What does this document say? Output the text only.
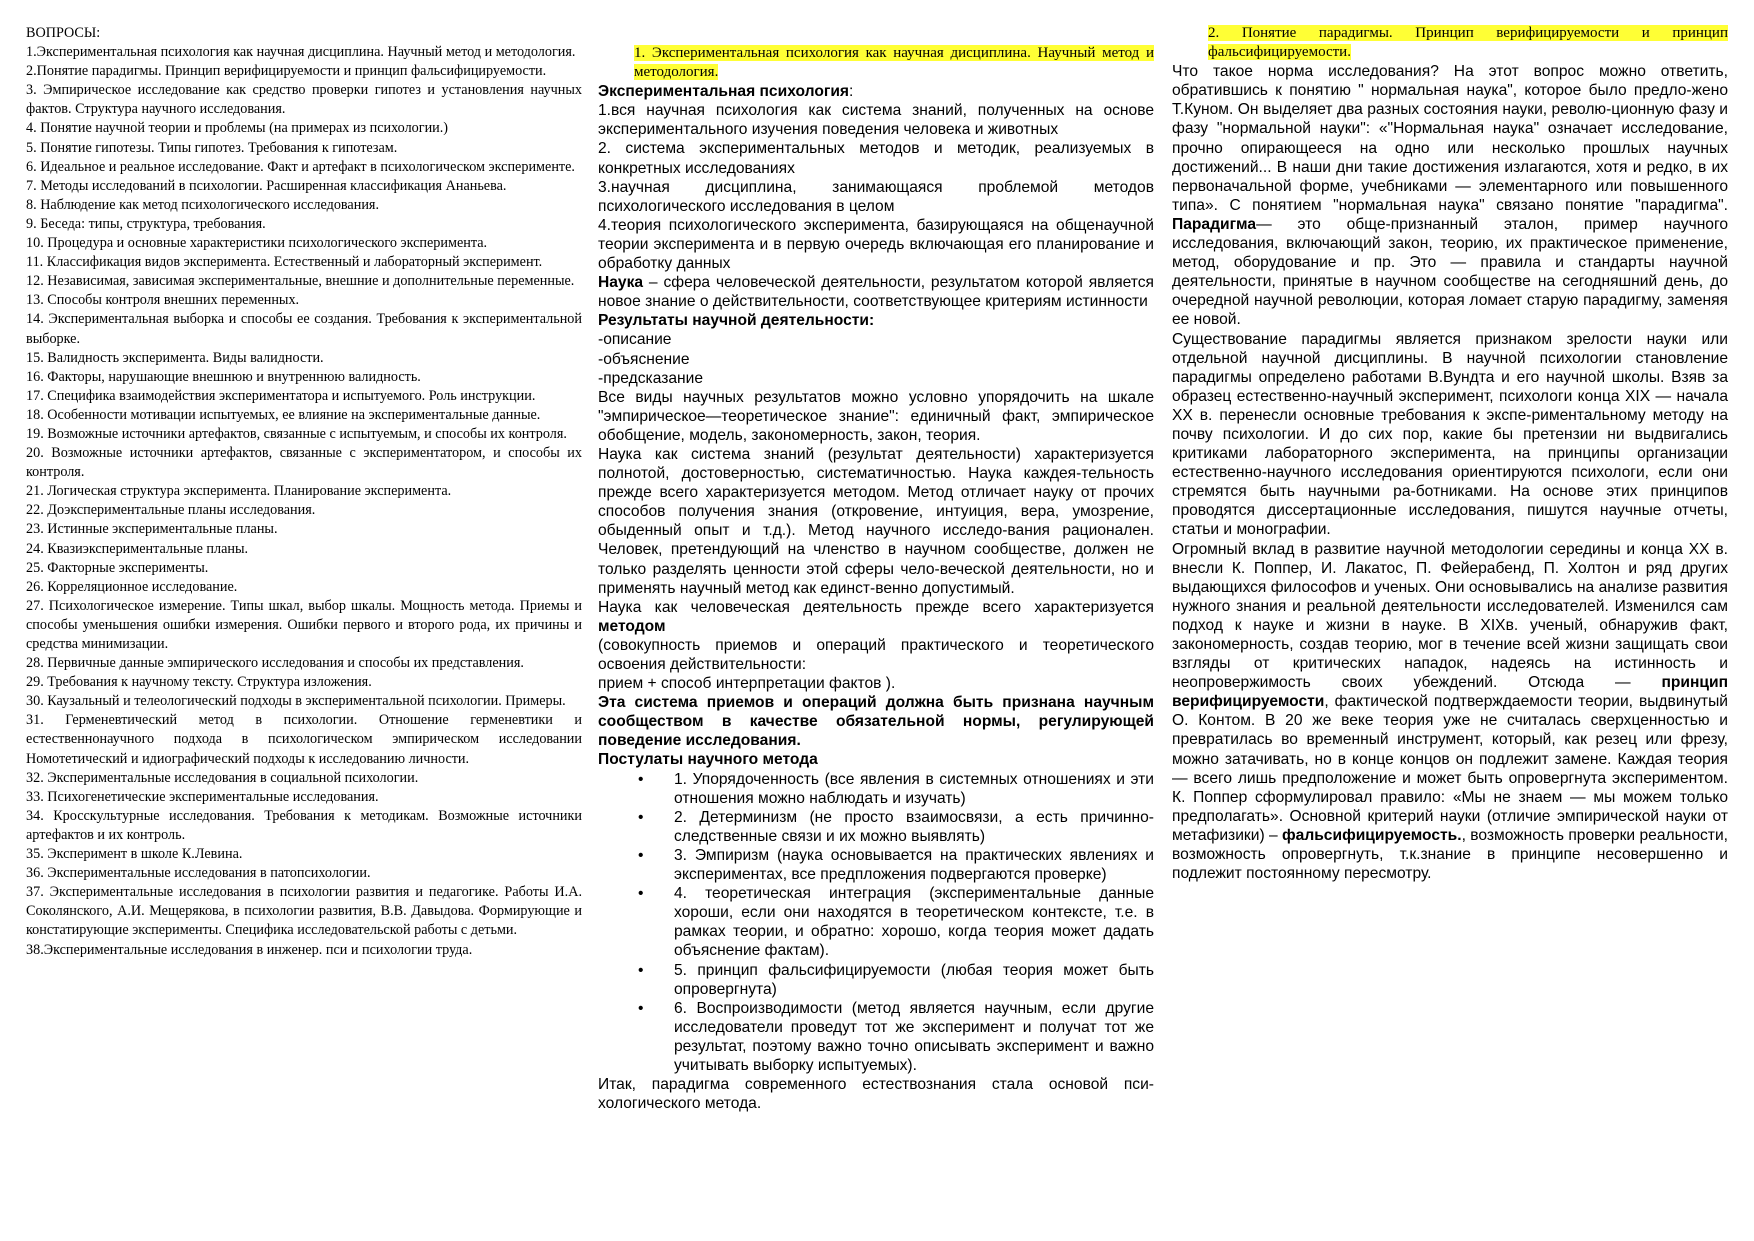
ВОПРОСЫ:

1.Экспериментальная психология как научная дисциплина. Научный метод и методология.

2.Понятие парадигмы. Принцип верифицируемости и принцип фальсифицируемости.

3. Эмпирическое исследование как средство проверки гипотез и установления научных фактов. Структура научного исследования.

4. Понятие научной теории и проблемы (на примерах из психологии.)

5. Понятие гипотезы. Типы гипотез. Требования к гипотезам.

6. Идеальное и реальное исследование. Факт и артефакт в психологическом эксперименте.

7. Методы исследований в психологии. Расширенная классификация Ананьева.

8. Наблюдение как метод психологического исследования.

9. Беседа: типы, структура, требования.

10. Процедура и основные характеристики психологического эксперимента.

11. Классификация видов эксперимента. Естественный и лабораторный эксперимент.

12. Независимая, зависимая экспериментальные, внешние и дополнительные переменные.

13. Способы контроля внешних переменных.

14. Экспериментальная выборка и способы ее создания. Требования к экспериментальной выборке.

15. Валидность эксперимента. Виды валидности.

16. Факторы, нарушающие внешнюю и внутреннюю валидность.

17. Специфика взаимодействия экспериментатора и испытуемого. Роль инструкции.

18. Особенности мотивации испытуемых, ее влияние на экспериментальные данные.

19. Возможные источники артефактов, связанные с испытуемым, и способы их контроля.

20. Возможные источники артефактов, связанные с экспериментатором, и способы их контроля.

21. Логическая структура эксперимента. Планирование эксперимента.

22. Доэкспериментальные планы исследования.

23. Истинные экспериментальные планы.

24. Квазиэкспериментальные планы.

25. Факторные эксперименты.

26. Корреляционное исследование.

27. Психологическое измерение. Типы шкал, выбор шкалы. Мощность метода. Приемы и способы уменьшения ошибки измерения. Ошибки первого и второго рода, их причины и средства минимизации.

28. Первичные данные эмпирического исследования и способы их представления.

29. Требования к научному тексту. Структура изложения.

30. Каузальный и телеологический подходы в экспериментальной психологии. Примеры.

31. Герменевтический метод в психологии. Отношение герменевтики и естественнонаучного подхода в психологическом эмпирическом исследовании Номотетический и идиографический подходы к исследованию личности.

32. Экспериментальные исследования в социальной психологии.

33. Психогенетические экспериментальные исследования.

34. Кросскультурные исследования. Требования к методикам. Возможные источники артефактов и их контроль.

35. Эксперимент в школе К.Левина.

36. Экспериментальные исследования в патопсихологии.

37. Экспериментальные исследования в психологии развития и педагогике. Работы И.А. Соколянского, А.И. Мещерякова, в психологии развития, В.В. Давыдова. Формирующие и констатирующие эксперименты. Специфика исследовательской работы с детьми.

38.Экспериментальные исследования в инженер. пси и психологии труда.

1. Экспериментальная психология как научная дисциплина. Научный метод и методология.

Экспериментальная психология:

1.вся научная психология как система знаний, полученных на основе экспериментального изучения поведения человека и животных

2. система экспериментальных методов и методик, реализуемых в конкретных исследованиях

3.научная дисциплина, занимающаяся проблемой методов психологического исследования в целом

4.теория психологического эксперимента, базирующаяся на общенаучной теории эксперимента и в первую очередь включающая его планирование и обработку данных

Наука – сфера человеческой деятельности, результатом которой является новое знание о действительности, соответствующее критериям истинности

Результаты научной деятельности:

-описание

-объяснение

-предсказание

Все виды научных результатов можно условно упорядочить на шкале "эмпирическое—теоретическое знание": единичный факт, эмпирическое обобщение, модель, закономерность, закон, теория.

Наука как система знаний (результат деятельности) характеризуется полнотой, достоверностью, систематичностью. Наука каждея-тельность прежде всего характеризуется методом. Метод отличает науку от прочих способов получения знания (откровение, интуиция, вера, умозрение, обыденный опыт и т.д.). Метод научного исследо-вания рационален. Человек, претендующий на членство в научном сообществе, должен не только разделять ценности этой сферы чело-веческой деятельности, но и применять научный метод как единст-венно допустимый.

Наука как человеческая деятельность прежде всего характеризуется методом

(совокупность приемов и операций практического и теоретического освоения действительности:

прием + способ интерпретации фактов ).

Эта система приемов и операций должна быть признана научным сообществом в качестве обязательной нормы, регулирующей поведение исследования.

Постулаты научного метода

• 1. Упорядоченность (все явления в системных отношениях и эти отношения можно наблюдать и изучать)
• 2. Детерминизм (не просто взаимосвязи, а есть причинно-следственные связи и их можно выявлять)
• 3. Эмпиризм (наука основывается на практических явлениях и экспериментах, все предпложения подвергаются проверке)
• 4. теоретическая интеграция (экспериментальные данные хороши, если они находятся в теоретическом контексте, т.е. в рамках теории, и обратно: хорошо, когда теория может дадать объяснение фактам).
• 5. принцип фальсифицируемости (любая теория может быть опровергнута)
• 6. Воспроизводимости (метод является научным, если другие исследователи проведут тот же эксперимент и получат тот же результат, поэтому важно точно описывать эксперимент и важно учитывать выборку испытуемых).

Итак, парадигма современного естествознания стала основой пси-хологического метода.

2. Понятие парадигмы. Принцип верифицируемости и принцип фальсифицируемости.

Что такое норма исследования? На этот вопрос можно ответить, обратившись к понятию " нормальная наука", которое было предло-жено Т.Куном. Он выделяет два разных состояния науки, револю-ционную фазу и фазу "нормальной науки": «"Нормальная наука" означает исследование, прочно опирающееся на одно или несколько прошлых научных достижений... В наши дни такие достижения излагаются, хотя и редко, в их первоначальной форме, учебниками — элементарного или повышенного типа». С понятием "нормальная наука" связано понятие "парадигма". Парадигма— это обще-признанный эталон, пример научного исследования, включающий закон, теорию, их практическое применение, метод, оборудование и пр. Это — правила и стандарты научной деятельности, принятые в научном сообществе на сегодняшний день, до очередной научной революции, которая ломает старую парадигму, заменяя ее новой.

Существование парадигмы является признаком зрелости науки или отдельной научной дисциплины. В научной психологии становление парадигмы определено работами В.Вундта и его научной школы. Взяв за образец естественно-научный эксперимент, психологи конца XIX — начала XX в. перенесли основные требования к экспе-риментальному методу на почву психологии. И до сих пор, какие бы претензии ни выдвигались критиками лабораторного эксперимента, на принципы организации естественно-научного исследования ориентируются психологи, если они стремятся быть научными ра-ботниками. На основе этих принципов проводятся диссертационные исследования, пишутся научные отчеты, статьи и монографии.

Огромный вклад в развитие научной методологии середины и конца XX в. внесли К. Поппер, И. Лакатос, П. Фейерабенд, П. Холтон и ряд других выдающихся философов и ученых. Они основывались на анализе развития нужного знания и реальной деятельности исследователей. Изменился сам подход к науке и жизни в науке. В XIXв. ученый, обнаружив факт, закономерность, создав теорию, мог в течение всей жизни защищать свои взгляды от критических нападок, надеясь на истинность и неопровержимость своих убеждений. Отсюда — принцип верифицируемости, фактической подтверждаемости теории, выдвинутый О. Контом. В 20 же веке теория уже не считалась сверхценностью и превратилась во временный инструмент, который, как резец или фрезу, можно затачивать, но в конце концов он подлежит замене. Каждая теория — всего лишь предположение и может быть опровергнута экспериментом. К. Поппер сформулировал правило: «Мы не знаем — мы можем только предполагать». Основной критерий науки (отличие эмпирической науки от метафизики) – фальсифицируемость., возможность проверки реальности, возможность опровергнуть, т.к.знание в принципе несовершенно и подлежит постоянному пересмотру.
